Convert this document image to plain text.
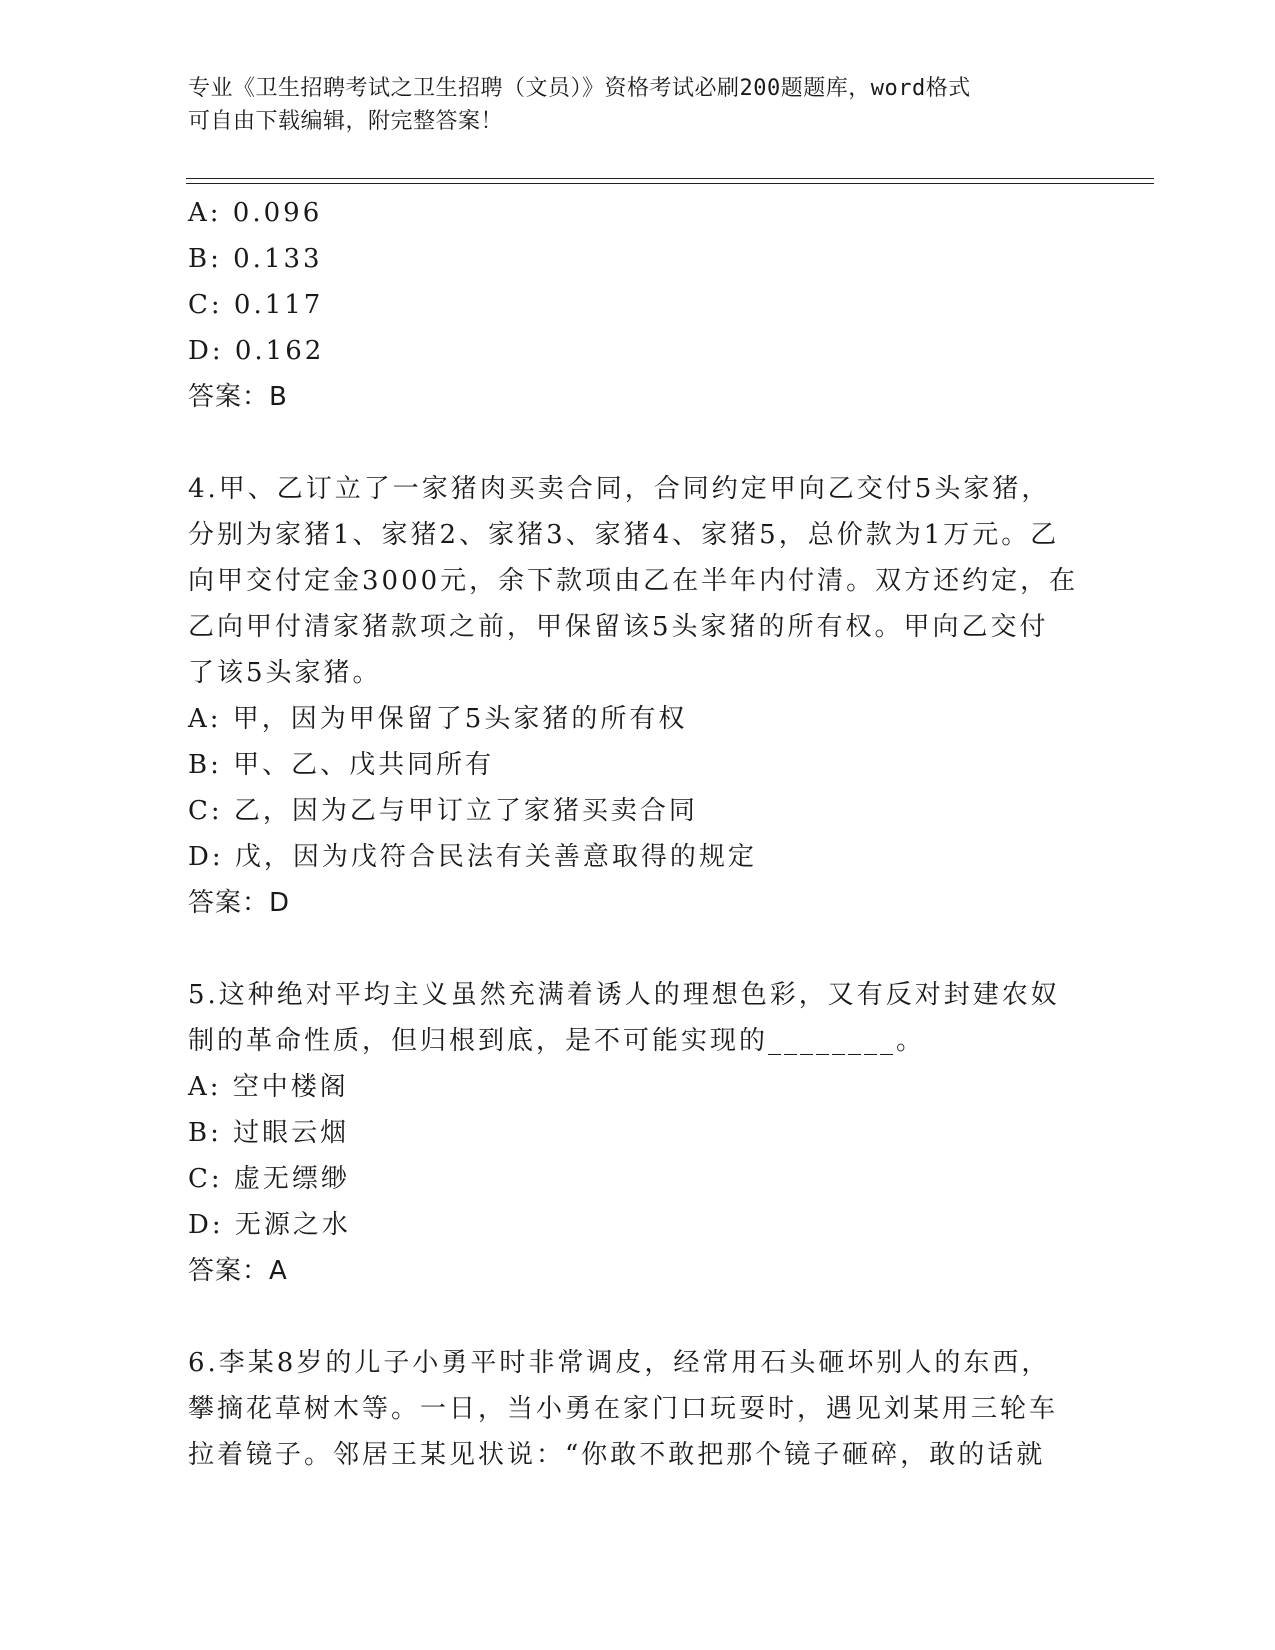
专业《卫生招聘考试之卫生招聘（文员）》资格考试必刷200题题库，word格式
可自由下载编辑，附完整答案！
A: 0.096
B: 0.133
C: 0.117
D: 0.162
答案：B
4.甲、乙订立了一家猪肉买卖合同，合同约定甲向乙交付5头家猪，
分别为家猪1、家猪2、家猪3、家猪4、家猪5，总价款为1万元。乙
向甲交付定金3000元，余下款项由乙在半年内付清。双方还约定，在
乙向甲付清家猪款项之前，甲保留该5头家猪的所有权。甲向乙交付
了该5头家猪。
A: 甲，因为甲保留了5头家猪的所有权
B: 甲、乙、戊共同所有
C: 乙，因为乙与甲订立了家猪买卖合同
D: 戊，因为戊符合民法有关善意取得的规定
答案：D
5.这种绝对平均主义虽然充满着诱人的理想色彩，又有反对封建农奴
制的革命性质，但归根到底，是不可能实现的________。
A: 空中楼阁
B: 过眼云烟
C: 虚无缥缈
D: 无源之水
答案：A
6.李某8岁的儿子小勇平时非常调皮，经常用石头砸坏别人的东西，
攀摘花草树木等。一日，当小勇在家门口玩耍时，遇见刘某用三轮车
拉着镜子。邻居王某见状说：“你敢不敢把那个镜子砸碎，敢的话就
